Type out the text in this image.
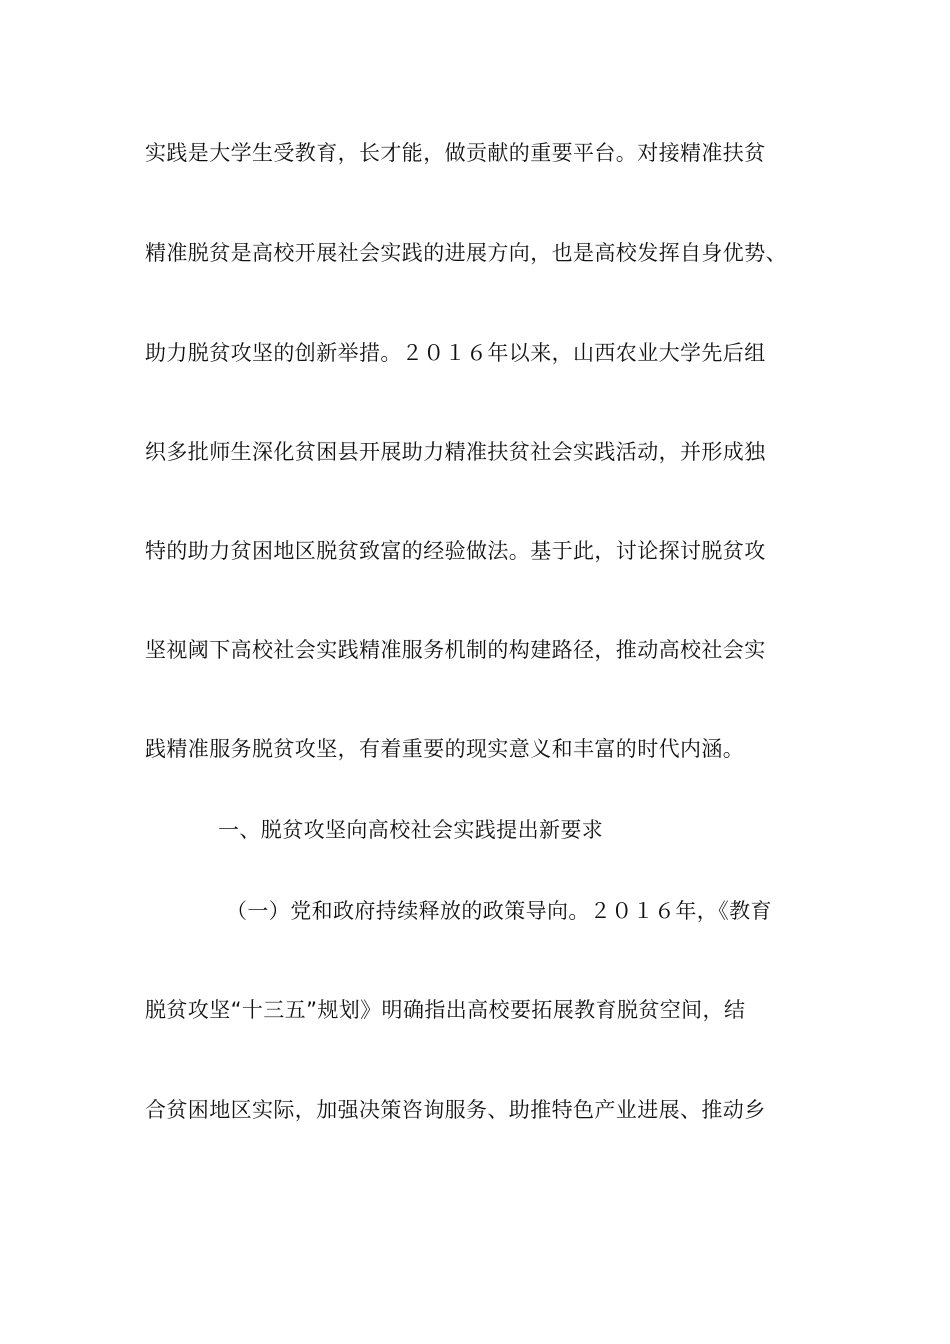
实践是大学生受教育，长才能，做贡献的重要平台。对接精准扶贫
精准脱贫是高校开展社会实践的进展方向，也是高校发挥自身优势、
助力脱贫攻坚的创新举措。２０１６年以来，山西农业大学先后组
织多批师生深化贫困县开展助力精准扶贫社会实践活动，并形成独
特的助力贫困地区脱贫致富的经验做法。基于此，讨论探讨脱贫攻
坚视阈下高校社会实践精准服务机制的构建路径，推动高校社会实
践精准服务脱贫攻坚，有着重要的现实意义和丰富的时代内涵。
一、脱贫攻坚向高校社会实践提出新要求
（一）党和政府持续释放的政策导向。２０１６年，《教育
脱贫攻坚“十三五”规划》明确指出高校要拓展教育脱贫空间，结
合贫困地区实际，加强决策咨询服务、助推特色产业进展、推动乡
